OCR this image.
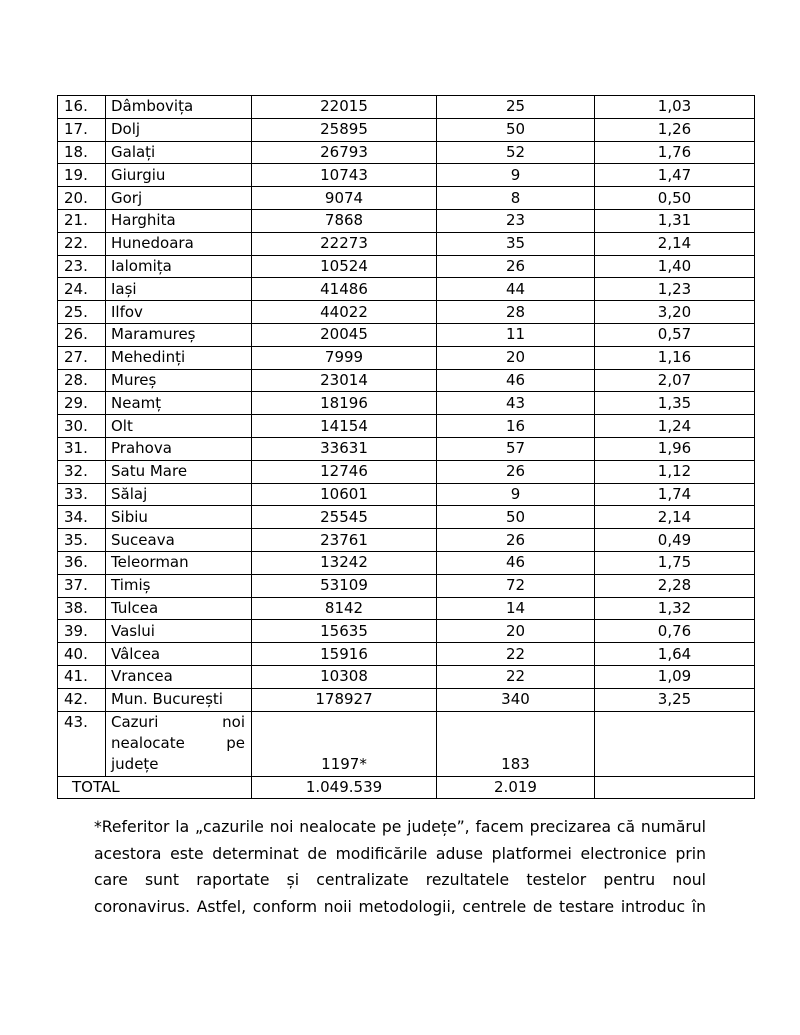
16.	Dâmbovița	22015	25	1,03
17.	Dolj	25895	50	1,26
18.	Galați	26793	52	1,76
19.	Giurgiu	10743	9	1,47
20.	Gorj	9074	8	0,50
21.	Harghita	7868	23	1,31
22.	Hunedoara	22273	35	2,14
23.	Ialomița	10524	26	1,40
24.	Iași	41486	44	1,23
25.	Ilfov	44022	28	3,20
26.	Maramureș	20045	11	0,57
27.	Mehedinți	7999	20	1,16
28.	Mureș	23014	46	2,07
29.	Neamț	18196	43	1,35
30.	Olt	14154	16	1,24
31.	Prahova	33631	57	1,96
32.	Satu Mare	12746	26	1,12
33.	Sălaj	10601	9	1,74
34.	Sibiu	25545	50	2,14
35.	Suceava	23761	26	0,49
36.	Teleorman	13242	46	1,75
37.	Timiș	53109	72	2,28
38.	Tulcea	8142	14	1,32
39.	Vaslui	15635	20	0,76
40.	Vâlcea	15916	22	1,64
41.	Vrancea	10308	22	1,09
42.	Mun. București	178927	340	3,25
43.	Cazuri noi
nealocate pe
județe	1197*	183	
TOTAL		1.049.539	2.019	

*Referitor la „cazurile noi nealocate pe județe”, facem precizarea că numărul
acestora este determinat de modificările aduse platformei electronice prin
care sunt raportate și centralizate rezultatele testelor pentru noul
coronavirus. Astfel, conform noii metodologii, centrele de testare introduc în
